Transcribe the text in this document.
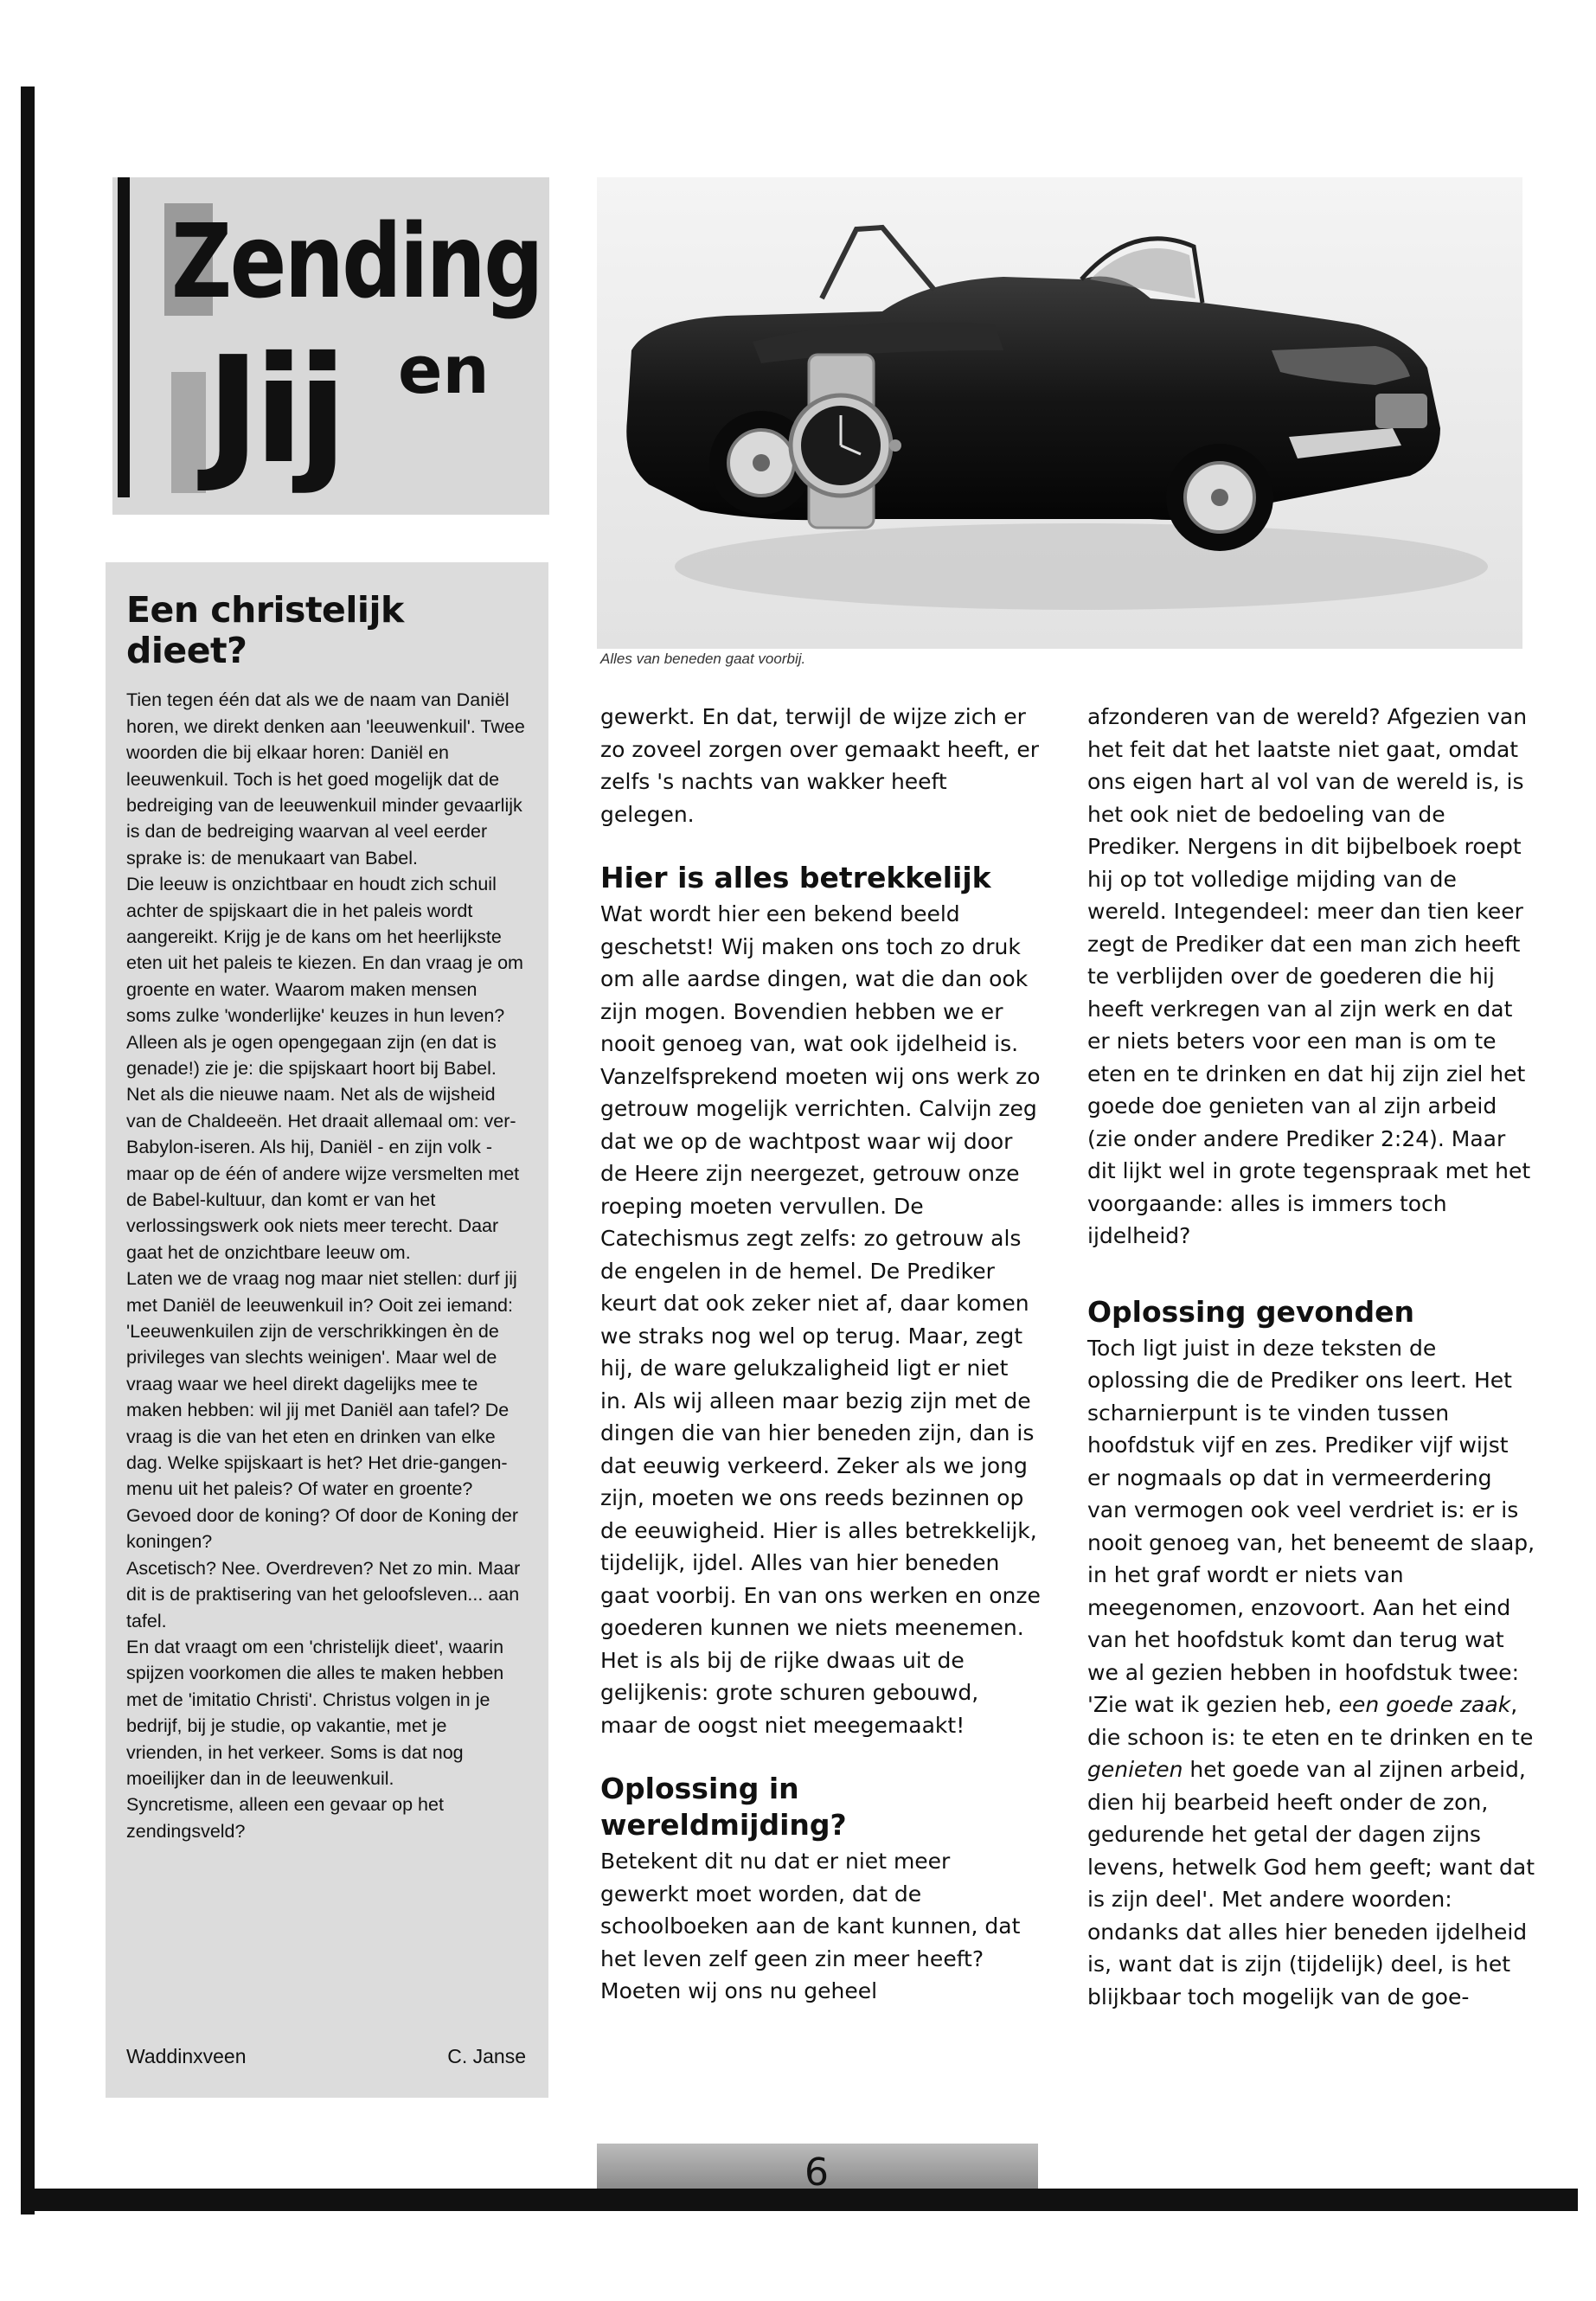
Zending
en
Jij
Een christelijk dieet?

Tien tegen één dat als we de naam van Daniël horen, we direkt denken aan 'leeuwenkuil'. Twee woorden die bij elkaar horen: Daniël en leeuwenkuil. Toch is het goed mogelijk dat de bedreiging van de leeuwenkuil minder gevaarlijk is dan de bedreiging waarvan al veel eerder sprake is: de menukaart van Babel.

Die leeuw is onzichtbaar en houdt zich schuil achter de spijskaart die in het paleis wordt aangereikt. Krijg je de kans om het heerlijkste eten uit het paleis te kiezen. En dan vraag je om groente en water. Waarom maken mensen soms zulke 'wonderlijke' keuzes in hun leven? Alleen als je ogen opengegaan zijn (en dat is genade!) zie je: die spijskaart hoort bij Babel. Net als die nieuwe naam. Net als de wijsheid van de Chaldeeën. Het draait allemaal om: ver-Babylon-iseren. Als hij, Daniël - en zijn volk - maar op de één of andere wijze versmelten met de Babel-kultuur, dan komt er van het verlossingswerk ook niets meer terecht. Daar gaat het de onzichtbare leeuw om.

Laten we de vraag nog maar niet stellen: durf jij met Daniël de leeuwenkuil in? Ooit zei iemand: 'Leeuwenkuilen zijn de verschrikkingen èn de privileges van slechts weinigen'. Maar wel de vraag waar we heel direkt dagelijks mee te maken hebben: wil jij met Daniël aan tafel? De vraag is die van het eten en drinken van elke dag. Welke spijskaart is het? Het drie-gangen-menu uit het paleis? Of water en groente? Gevoed door de koning? Of door de Koning der koningen?

Ascetisch? Nee. Overdreven? Net zo min. Maar dit is de praktisering van het geloofsleven... aan tafel.

En dat vraagt om een 'christelijk dieet', waarin spijzen voorkomen die alles te maken hebben met de 'imitatio Christi'. Christus volgen in je bedrijf, bij je studie, op vakantie, met je vrienden, in het verkeer. Soms is dat nog moeilijker dan in de leeuwenkuil.

Syncretisme, alleen een gevaar op het zendingsveld?

Waddinxveen	C. Janse
Alles van beneden gaat voorbij.

gewerkt. En dat, terwijl de wijze zich er zo zoveel zorgen over gemaakt heeft, er zelfs 's nachts van wakker heeft gelegen.

Hier is alles betrekkelijk

Wat wordt hier een bekend beeld geschetst! Wij maken ons toch zo druk om alle aardse dingen, wat die dan ook zijn mogen. Bovendien hebben we er nooit genoeg van, wat ook ijdelheid is.

Vanzelfsprekend moeten wij ons werk zo getrouw mogelijk verrichten. Calvijn zeg dat we op de wachtpost waar wij door de Heere zijn neergezet, getrouw onze roeping moeten vervullen. De Catechismus zegt zelfs: zo getrouw als de engelen in de hemel. De Prediker keurt dat ook zeker niet af, daar komen we straks nog wel op terug. Maar, zegt hij, de ware gelukzaligheid ligt er niet in. Als wij alleen maar bezig zijn met de dingen die van hier beneden zijn, dan is dat eeuwig verkeerd. Zeker als we jong zijn, moeten we ons reeds bezinnen op de eeuwigheid. Hier is alles betrekkelijk, tijdelijk, ijdel. Alles van hier beneden gaat voorbij. En van ons werken en onze goederen kunnen we niets meenemen. Het is als bij de rijke dwaas uit de gelijkenis: grote schuren gebouwd, maar de oogst niet meegemaakt!

Oplossing in wereldmijding?

Betekent dit nu dat er niet meer gewerkt moet worden, dat de schoolboeken aan de kant kunnen, dat het leven zelf geen zin meer heeft? Moeten wij ons nu geheel

afzonderen van de wereld? Afgezien van het feit dat het laatste niet gaat, omdat ons eigen hart al vol van de wereld is, is het ook niet de bedoeling van de Prediker. Nergens in dit bijbelboek roept hij op tot volledige mijding van de wereld. Integendeel: meer dan tien keer zegt de Prediker dat een man zich heeft te verblijden over de goederen die hij heeft verkregen van al zijn werk en dat er niets beters voor een man is om te eten en te drinken en dat hij zijn ziel het goede doe genieten van al zijn arbeid (zie onder andere Prediker 2:24). Maar dit lijkt wel in grote tegenspraak met het voorgaande: alles is immers toch ijdelheid?

Oplossing gevonden

Toch ligt juist in deze teksten de oplossing die de Prediker ons leert. Het scharnierpunt is te vinden tussen hoofdstuk vijf en zes. Prediker vijf wijst er nogmaals op dat in vermeerdering van vermogen ook veel verdriet is: er is nooit genoeg van, het beneemt de slaap, in het graf wordt er niets van meegenomen, enzovoort. Aan het eind van het hoofdstuk komt dan terug wat we al gezien hebben in hoofdstuk twee: 'Zie wat ik gezien heb, een goede zaak, die schoon is: te eten en te drinken en te genieten het goede van al zijnen arbeid, dien hij bearbeid heeft onder de zon, gedurende het getal der dagen zijns levens, hetwelk God hem geeft; want dat is zijn deel'. Met andere woorden: ondanks dat alles hier beneden ijdelheid is, want dat is zijn (tijdelijk) deel, is het blijkbaar toch mogelijk van de goe-

6
